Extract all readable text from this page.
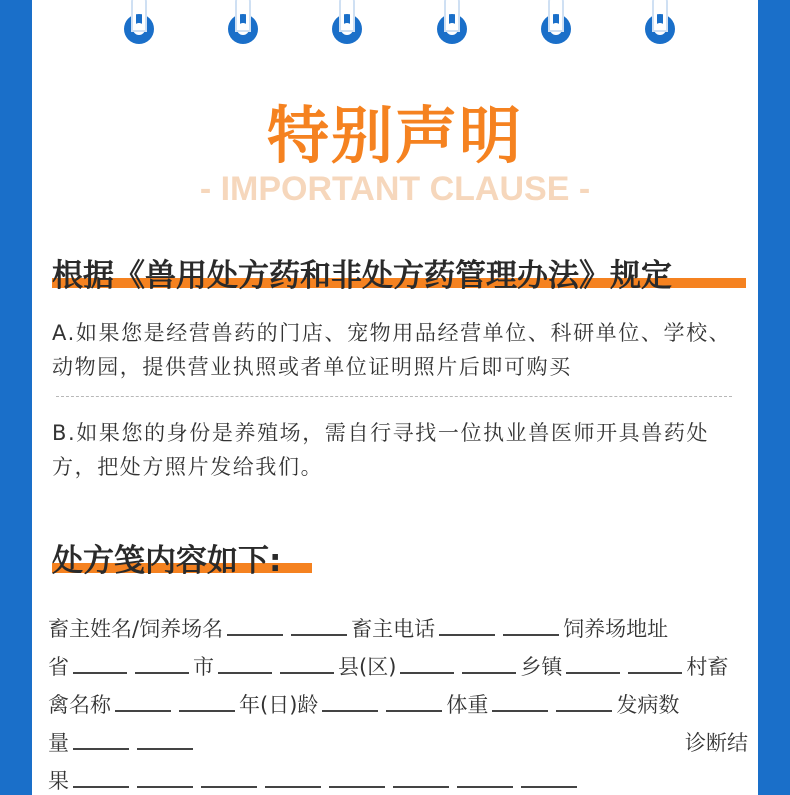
特别声明
- IMPORTANT CLAUSE -
根据《兽用处方药和非处方药管理办法》规定
A.如果您是经营兽药的门店、宠物用品经营单位、科研单位、学校、动物园，提供营业执照或者单位证明照片后即可购买
B.如果您的身份是养殖场，需自行寻找一位执业兽医师开具兽药处方，把处方照片发给我们。
处方笺内容如下:
畜主姓名/饲养场名	畜主电话	饲养场地址
省	市	县(区)	乡镇	村畜
禽名称	年(日)龄	体重	发病数
量	诊断结
果
